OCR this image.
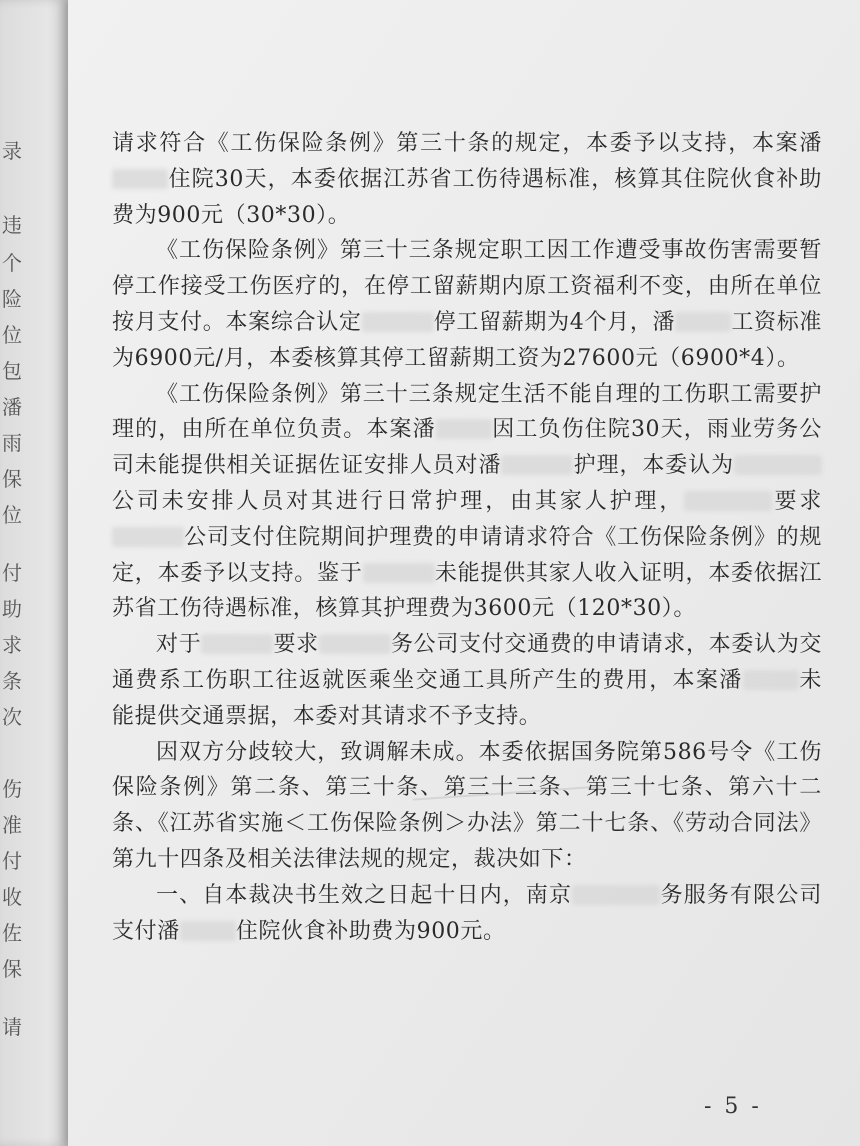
录
违
个
险
位
包
潘
雨
保
位
付
助
求
条
次
伤
准
付
收
佐
保
请

请求符合《工伤保险条例》第三十条的规定，本委予以支持，本案潘住院30天，本委依据江苏省工伤待遇标准，核算其住院伙食补助费为900元（30*30）。

《工伤保险条例》第三十三条规定职工因工作遭受事故伤害需要暂停工作接受工伤医疗的，在停工留薪期内原工资福利不变，由所在单位按月支付。本案综合认定	停工留薪期为4个月，潘	工资标准为6900元/月，本委核算其停工留薪期工资为27600元（6900*4）。

《工伤保险条例》第三十三条规定生活不能自理的工伤职工需要护理的，由所在单位负责。本案潘	因工负伤住院30天，雨业劳务公司未能提供相关证据佐证安排人员对潘	护理，本委认为公司未安排人员对其进行日常护理，由其家人护理，	要求公司支付住院期间护理费的申请请求符合《工伤保险条例》的规定，本委予以支持。鉴于	未能提供其家人收入证明，本委依据江苏省工伤待遇标准，核算其护理费为3600元（120*30）。

对于	要求	务公司支付交通费的申请请求，本委认为交通费系工伤职工往返就医乘坐交通工具所产生的费用，本案潘	未能提供交通票据，本委对其请求不予支持。

因双方分歧较大，致调解未成。本委依据国务院第586号令《工伤保险条例》第二条、第三十条、第三十三条、第三十七条、第六十二条、《江苏省实施＜工伤保险条例＞办法》第二十七条、《劳动合同法》第九十四条及相关法律法规的规定，裁决如下：

一、自本裁决书生效之日起十日内，南京	务服务有限公司支付潘	住院伙食补助费为900元。

- 5 -
